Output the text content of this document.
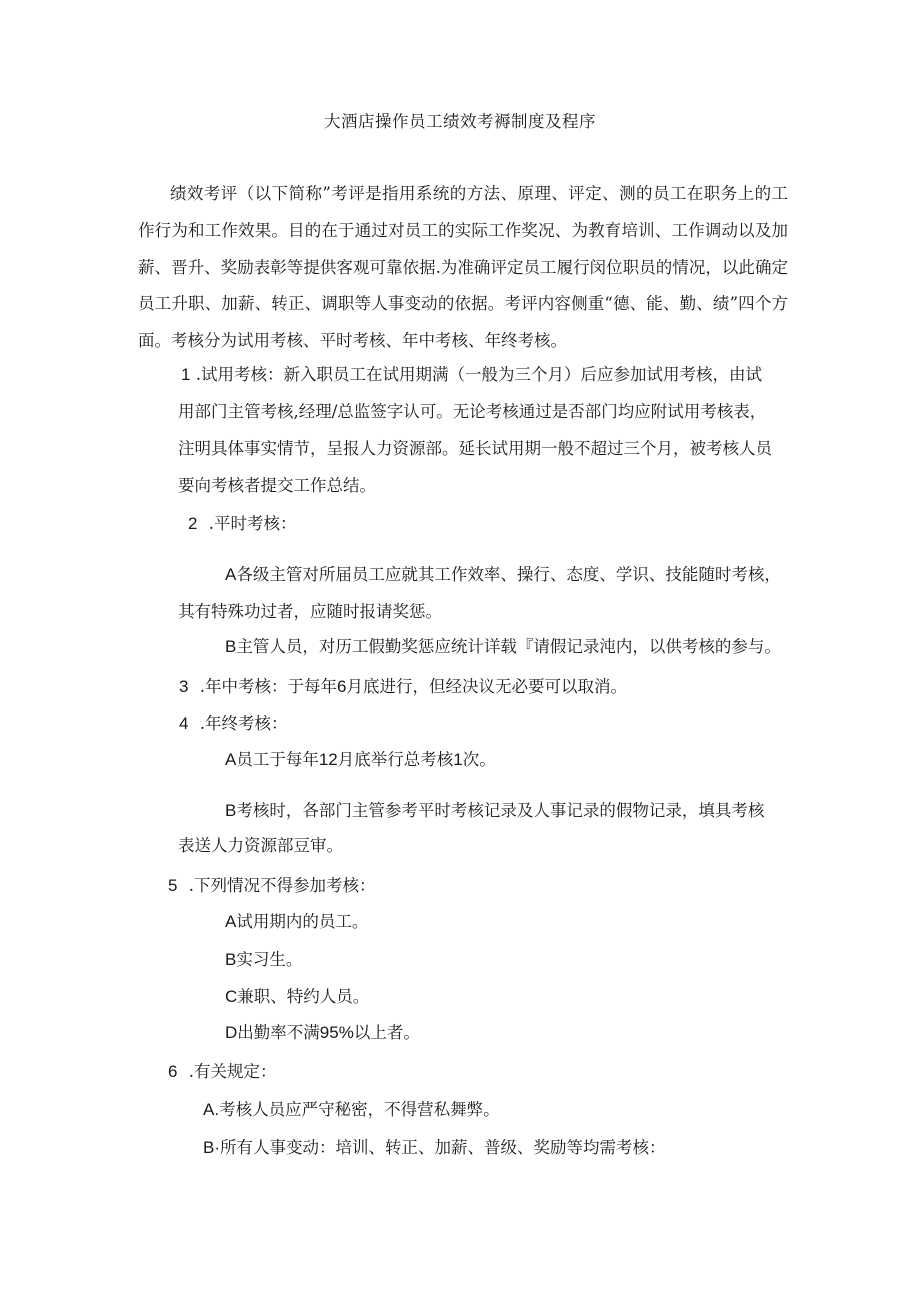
大酒店操作员工绩效考褥制度及程序

绩效考评（以下简称”考评是指用系统的方法、原理、评定、测的员工在职务上的工作行为和工作效果。目的在于通过对员工的实际工作奖况、为教育培训、工作调动以及加薪、晋升、奖励表彰等提供客观可靠依据.为准确评定员工履行闵位职员的情况，以此确定员工升职、加薪、转正、调职等人事变动的依据。考评内容侧重“德、能、勤、绩”四个方面。考核分为试用考核、平时考核、年中考核、年终考核。

1 .试用考核：新入职员工在试用期满（一般为三个月）后应参加试用考核，由试
用部门主管考核,经理/总监签字认可。无论考核通过是否部门均应附试用考核表，
注明具体事实情节，呈报人力资源部。延长试用期一般不超过三个月，被考核人员
要向考核者提交工作总结。
2 .平时考核：
A各级主管对所届员工应就其工作效率、操行、态度、学识、技能随时考核，
其有特殊功过者，应随时报请奖惩。
B主管人员，对历工假勤奖惩应统计详载『请假记录沌内，以供考核的参与。
3 .年中考核：于每年6月底进行，但经决议无必要可以取消。
4 .年终考核：
A员工于每年12月底举行总考核1次。
B考核时，各部门主管参考平时考核记录及人事记录的假物记录，填具考核
表送人力资源部豆审。
5 .下列情况不得参加考核：
A试用期内的员工。
B实习生。
C兼职、特约人员。
D出勤率不满95%以上者。
6 .有关规定：
A.考核人员应严守秘密，不得营私舞弊。
B·所有人事变动：培训、转正、加薪、普级、奖励等均需考核：
